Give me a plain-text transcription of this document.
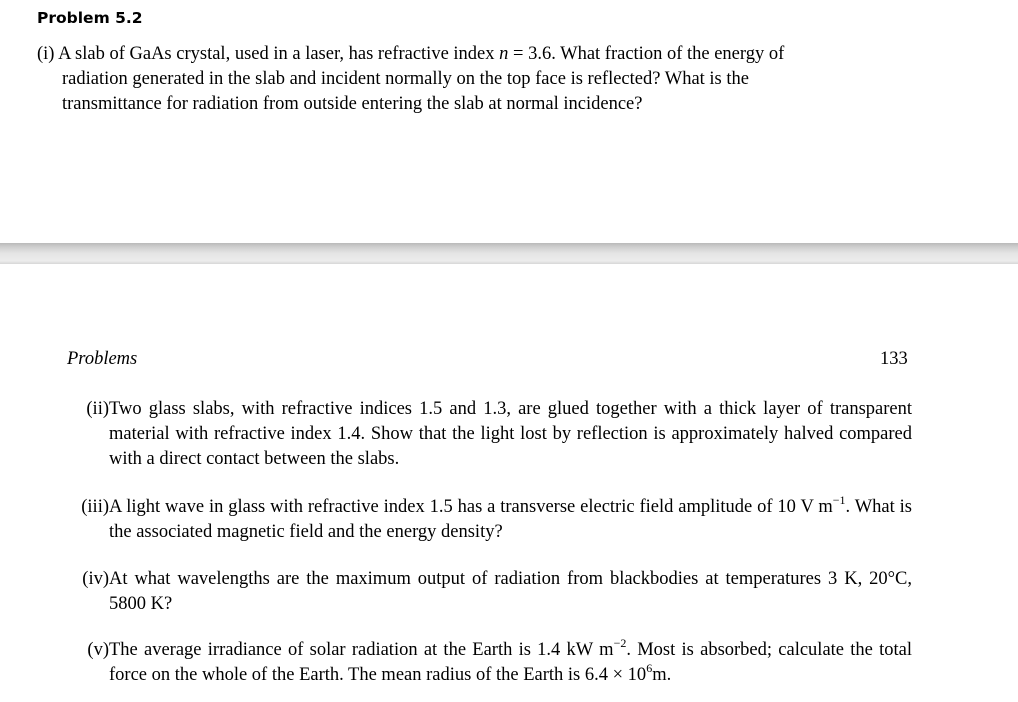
Problem 5.2
(i) A slab of GaAs crystal, used in a laser, has refractive index n = 3.6. What fraction of the energy of
radiation generated in the slab and incident normally on the top face is reflected? What is the
transmittance for radiation from outside entering the slab at normal incidence?
Problems	133
(ii) Two glass slabs, with refractive indices 1.5 and 1.3, are glued together with a thick layer of transparent material with refractive index 1.4. Show that the light lost by reflection is approximately halved compared with a direct contact between the slabs.
(iii) A light wave in glass with refractive index 1.5 has a transverse electric field amplitude of 10 V $m^{-1}$. What is the associated magnetic field and the energy density?
(iv) At what wavelengths are the maximum output of radiation from blackbodies at temperatures 3 K, 20°C, 5800 K?
(v) The average irradiance of solar radiation at the Earth is 1.4 kW $m^{-2}$. Most is absorbed; calculate the total force on the whole of the Earth. The mean radius of the Earth is $6.4 \times 10^6m$.
